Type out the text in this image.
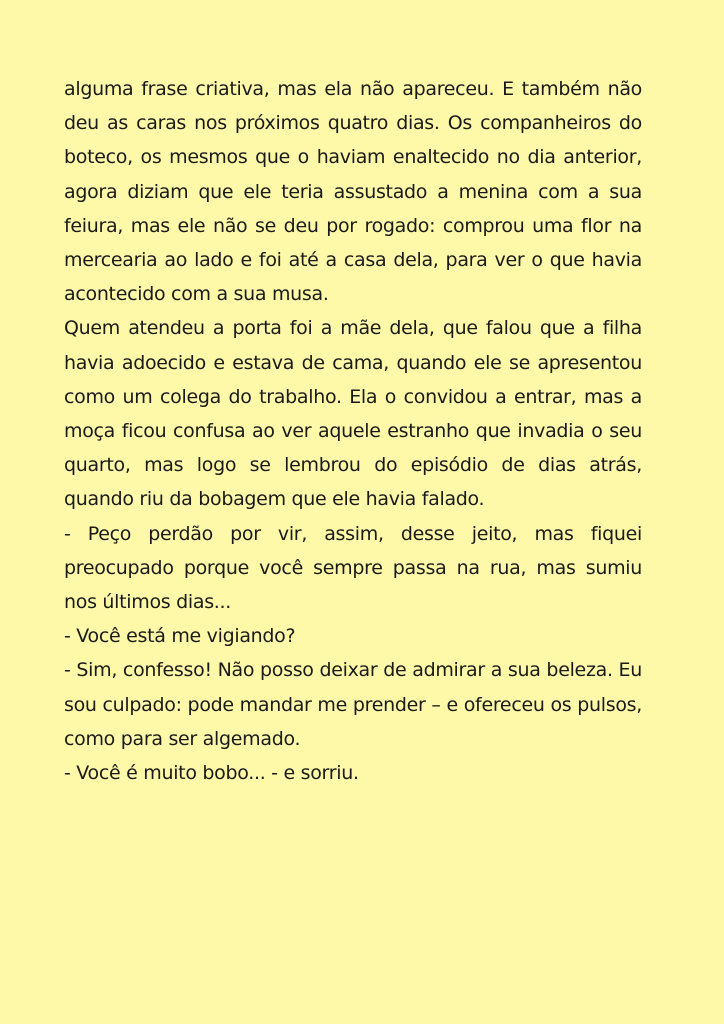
alguma frase criativa, mas ela não apareceu. E também não deu as caras nos próximos quatro dias. Os companheiros do boteco, os mesmos que o haviam enaltecido no dia anterior, agora diziam que ele teria assustado a menina com a sua feiura, mas ele não se deu por rogado: comprou uma flor na mercearia ao lado e foi até a casa dela, para ver o que havia acontecido com a sua musa.

Quem atendeu a porta foi a mãe dela, que falou que a filha havia adoecido e estava de cama, quando ele se apresentou como um colega do trabalho. Ela o convidou a entrar, mas a moça ficou confusa ao ver aquele estranho que invadia o seu quarto, mas logo se lembrou do episódio de dias atrás, quando riu da bobagem que ele havia falado.

- Peço perdão por vir, assim, desse jeito, mas fiquei preocupado porque você sempre passa na rua, mas sumiu nos últimos dias...

- Você está me vigiando?

- Sim, confesso! Não posso deixar de admirar a sua beleza. Eu sou culpado: pode mandar me prender – e ofereceu os pulsos, como para ser algemado.

- Você é muito bobo... - e sorriu.
